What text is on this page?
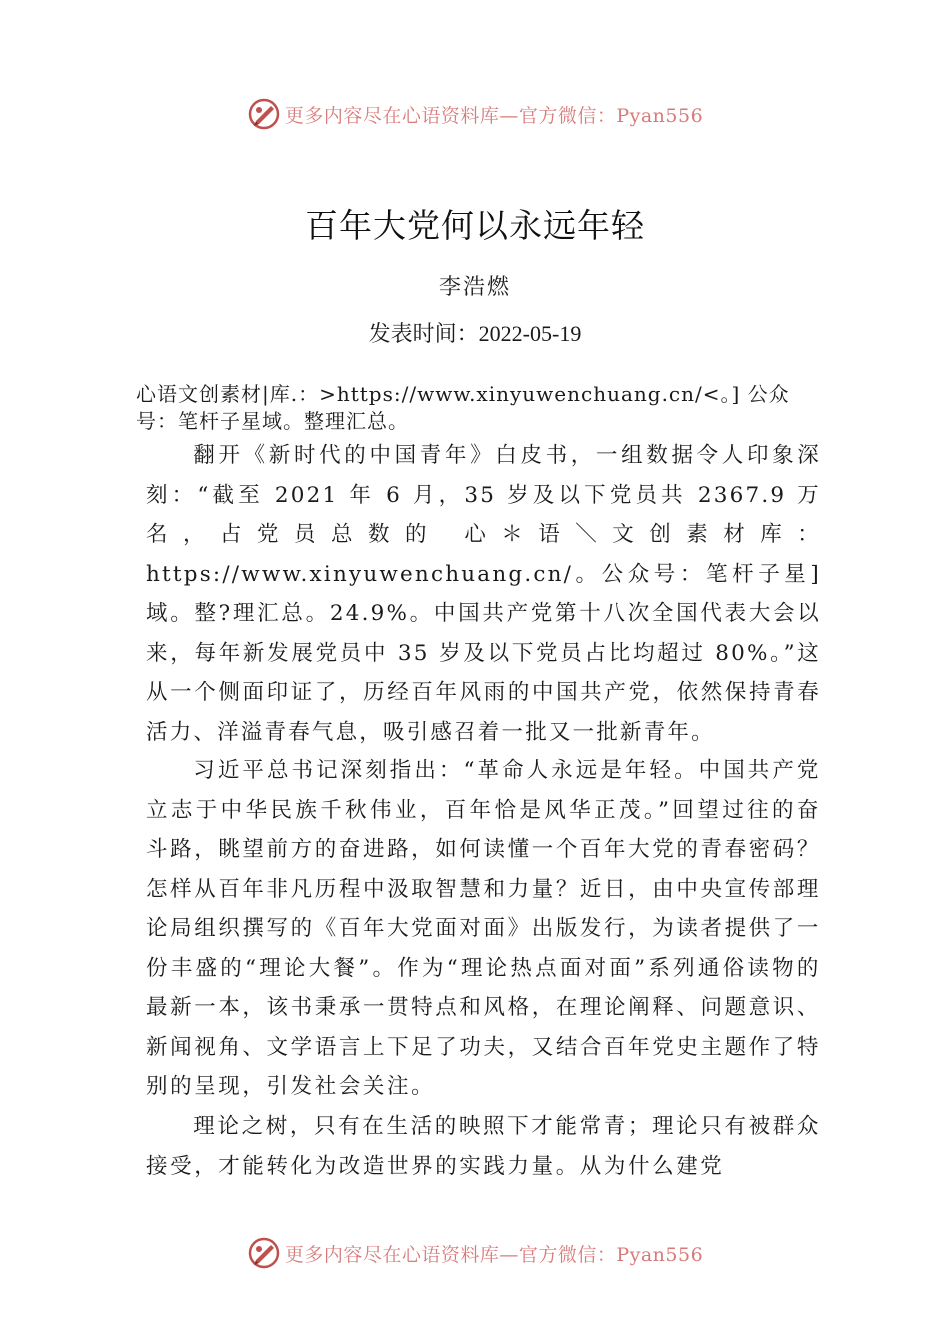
更多内容尽在心语资料库—官方微信：Pyan556
百年大党何以永远年轻
李浩燃
发表时间：2022-05-19
心语文创素材|库.：>https://www.xinyuwenchuang.cn/<。] 公众号：笔杆子星域。整理汇总。

翻开《新时代的中国青年》白皮书，一组数据令人印象深刻：“截至 2021 年 6 月，35 岁及以下党员共 2367.9 万名，占党员总数的 心＊语＼文创素材库：https://www.xinyuwenchuang.cn/。公众号：笔杆子星]域。整?理汇总。24.9%。中国共产党第十八次全国代表大会以来，每年新发展党员中 35 岁及以下党员占比均超过 80%。”这从一个侧面印证了，历经百年风雨的中国共产党，依然保持青春活力、洋溢青春气息，吸引感召着一批又一批新青年。

习近平总书记深刻指出：“革命人永远是年轻。中国共产党立志于中华民族千秋伟业，百年恰是风华正茂。”回望过往的奋斗路，眺望前方的奋进路，如何读懂一个百年大党的青春密码？怎样从百年非凡历程中汲取智慧和力量？近日，由中央宣传部理论局组织撰写的《百年大党面对面》出版发行，为读者提供了一份丰盛的“理论大餐”。作为“理论热点面对面”系列通俗读物的最新一本，该书秉承一贯特点和风格，在理论阐释、问题意识、新闻视角、文学语言上下足了功夫，又结合百年党史主题作了特别的呈现，引发社会关注。

理论之树，只有在生活的映照下才能常青；理论只有被群众接受，才能转化为改造世界的实践力量。从为什么建党

更多内容尽在心语资料库—官方微信：Pyan556
